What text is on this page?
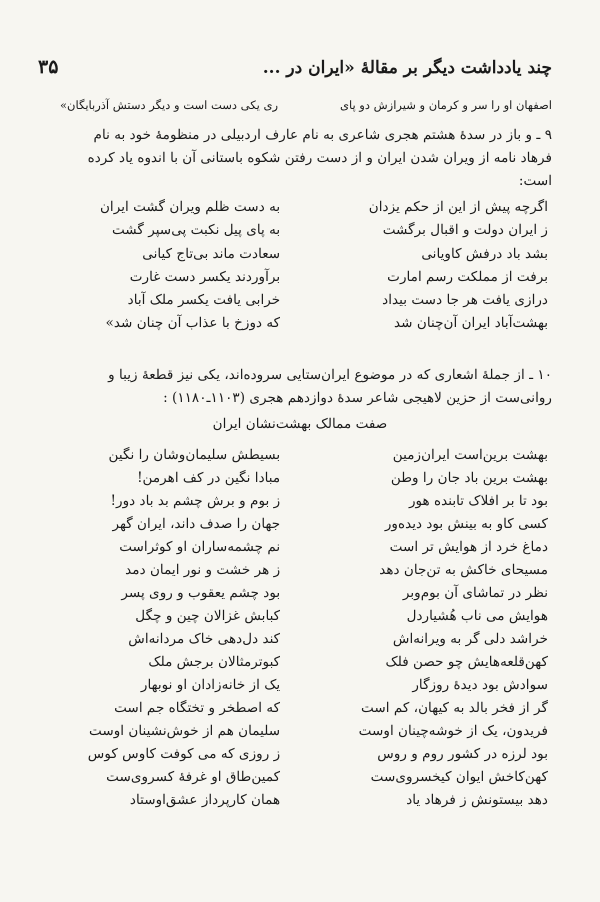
چند یادداشت دیگر بر مقالهٔ «ایران در ...
۳۵
اصفهان او را سر و کرمان و شیرازش دو پای
ری یکی دست است و دیگر دستش آذربایگان»
۹ ـ و باز در سدهٔ هشتم هجری شاعری به نام عارف اردبیلی در منظومهٔ خود به نام
فرهاد نامه از ویران شدن ایران و از دست رفتن شکوه باستانی آن با اندوه یاد کرده
است:
اگرچه پیش از این از حکم یزدان
به دست ظلم ویران گشت ایران
ز ایران دولت و اقبال برگشت
به پای پیل نکبت پی‌سپر گشت
بشد باد درفش کاویانی
سعادت ماند بی‌تاج کیانی
برفت از مملکت رسم امارت
برآوردند یکسر دست غارت
درازی یافت هر جا دست بیداد
خرابی یافت یکسر ملک آباد
بهشت‌آباد ایران آن‌چنان شد
که دوزخ با عذاب آن چنان شد»
۱۰ ـ از جملهٔ اشعاری که در موضوع ایران‌ستایی سروده‌اند، یکی نیز قطعهٔ زیبا و
روانی‌ست از حزین لاهیجی شاعر سدهٔ دوازدهم هجری (۱۱۰۳ـ۱۱۸۰) :
صفت ممالک بهشت‌نشان ایران
بهشت برین‌است ایران‌زمین
بسیطش سلیمان‌وشان را نگین
بهشت برین باد جان را وطن
مبادا نگین در کف اهرمن!
بود تا بر افلاک تابنده هور
ز بوم و برش چشم بد باد دور!
کسی کاو به بینش بود دیده‌ور
جهان را صدف داند، ایران گهر
دماغ خرد از هوایش تر است
نم چشمه‌ساران او کوثراست
مسیحای خاکش به تن‌جان دهد
ز هر خشت و نور ایمان دمد
نظر در تماشای آن بوم‌وبر
بود چشم یعقوب و روی پسر
هوایش می ناب هُشیاردل
کبابش غزالان چین و چگل
خراشد دلی گر به ویرانه‌اش
کند دل‌دهی خاک مردانه‌اش
کهن‌قلعه‌هایش چو حصن فلک
کبوترمثالان برجش ملک
سوادش بود دیدهٔ روزگار
یک از خانه‌زادان او نوبهار
گر از فخر بالد به کیهان، کم است
که اصطخر و تختگاه جم است
فریدون، یک از خوشه‌چینان اوست
سلیمان هم از خوش‌نشینان اوست
بود لرزه در کشور روم و روس
ز روزی که می کوفت کاوس کوس
کهن‌کاخش ایوان کیخسروی‌ست
کمین‌طاق او غرفهٔ کسروی‌ست
دهد بیستونش ز فرهاد یاد
همان کارپرداز عشق‌اوستاد
